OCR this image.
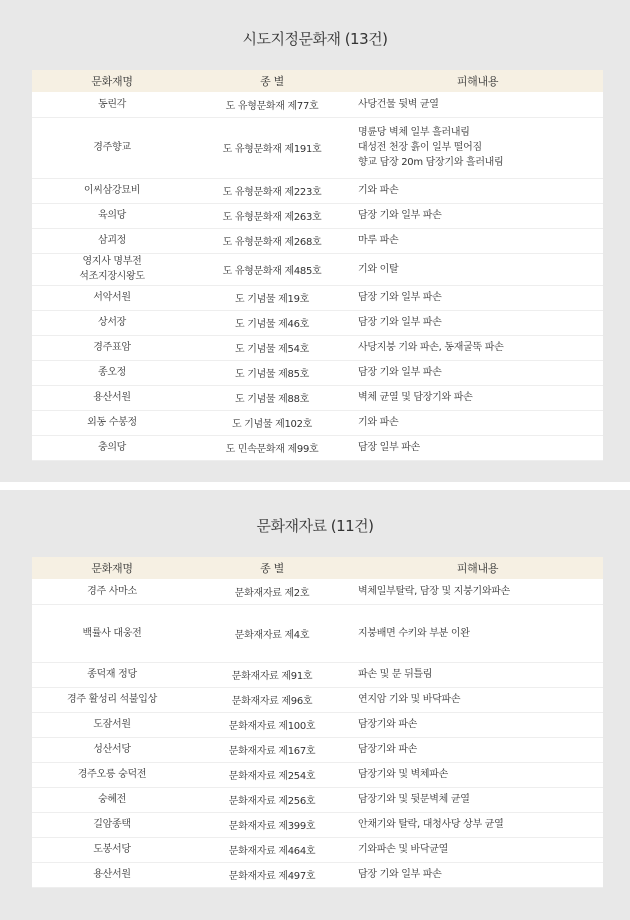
시도지정문화재 (13건)
문화재명	종 별	피해내용

동린각	도 유형문화재 제77호	사당건물 뒷벽 균열

경주향교	도 유형문화재 제191호	명륜당 벽체 일부 흘러내림
대성전 천장 흙이 일부 떨어짐
향교 담장 20m 담장기와 흘러내림

이씨삼강묘비	도 유형문화재 제223호	기와 파손

육의당	도 유형문화재 제263호	담장 기와 일부 파손

삼괴정	도 유형문화재 제268호	마루 파손

영지사 명부전
석조지장시왕도	도 유형문화재 제485호	기와 이탈

서악서원	도 기념물 제19호	담장 기와 일부 파손

상서장	도 기념물 제46호	담장 기와 일부 파손

경주표암	도 기념물 제54호	사당지붕 기와 파손, 동재굴뚝 파손

종오정	도 기념물 제85호	담장 기와 일부 파손

용산서원	도 기념물 제88호	벽체 균열 및 담장기와 파손

외동 수봉정	도 기념물 제102호	기와 파손

충의당	도 민속문화재 제99호	담장 일부 파손
문화재자료 (11건)
문화재명	종 별	피해내용

경주 사마소	문화재자료 제2호	벽체일부탈락, 담장 및 지붕기와파손

백률사 대웅전	문화재자료 제4호	지붕배면 수키와 부분 이완

종덕재 정당	문화재자료 제91호	파손 및 문 뒤틀림

경주 활성리 석불입상	문화재자료 제96호	연지암 기와 및 바닥파손

도잠서원	문화재자료 제100호	담장기와 파손

성산서당	문화재자료 제167호	담장기와 파손

경주오릉 숭덕전	문화재자료 제254호	담장기와 및 벽체파손

숭혜전	문화재자료 제256호	담장기와 및 뒷문벽체 균열

길암종택	문화재자료 제399호	안채기와 탈락, 대청사당 상부 균열

도봉서당	문화재자료 제464호	기와파손 및 바닥균열

용산서원	문화재자료 제497호	담장 기와 일부 파손
